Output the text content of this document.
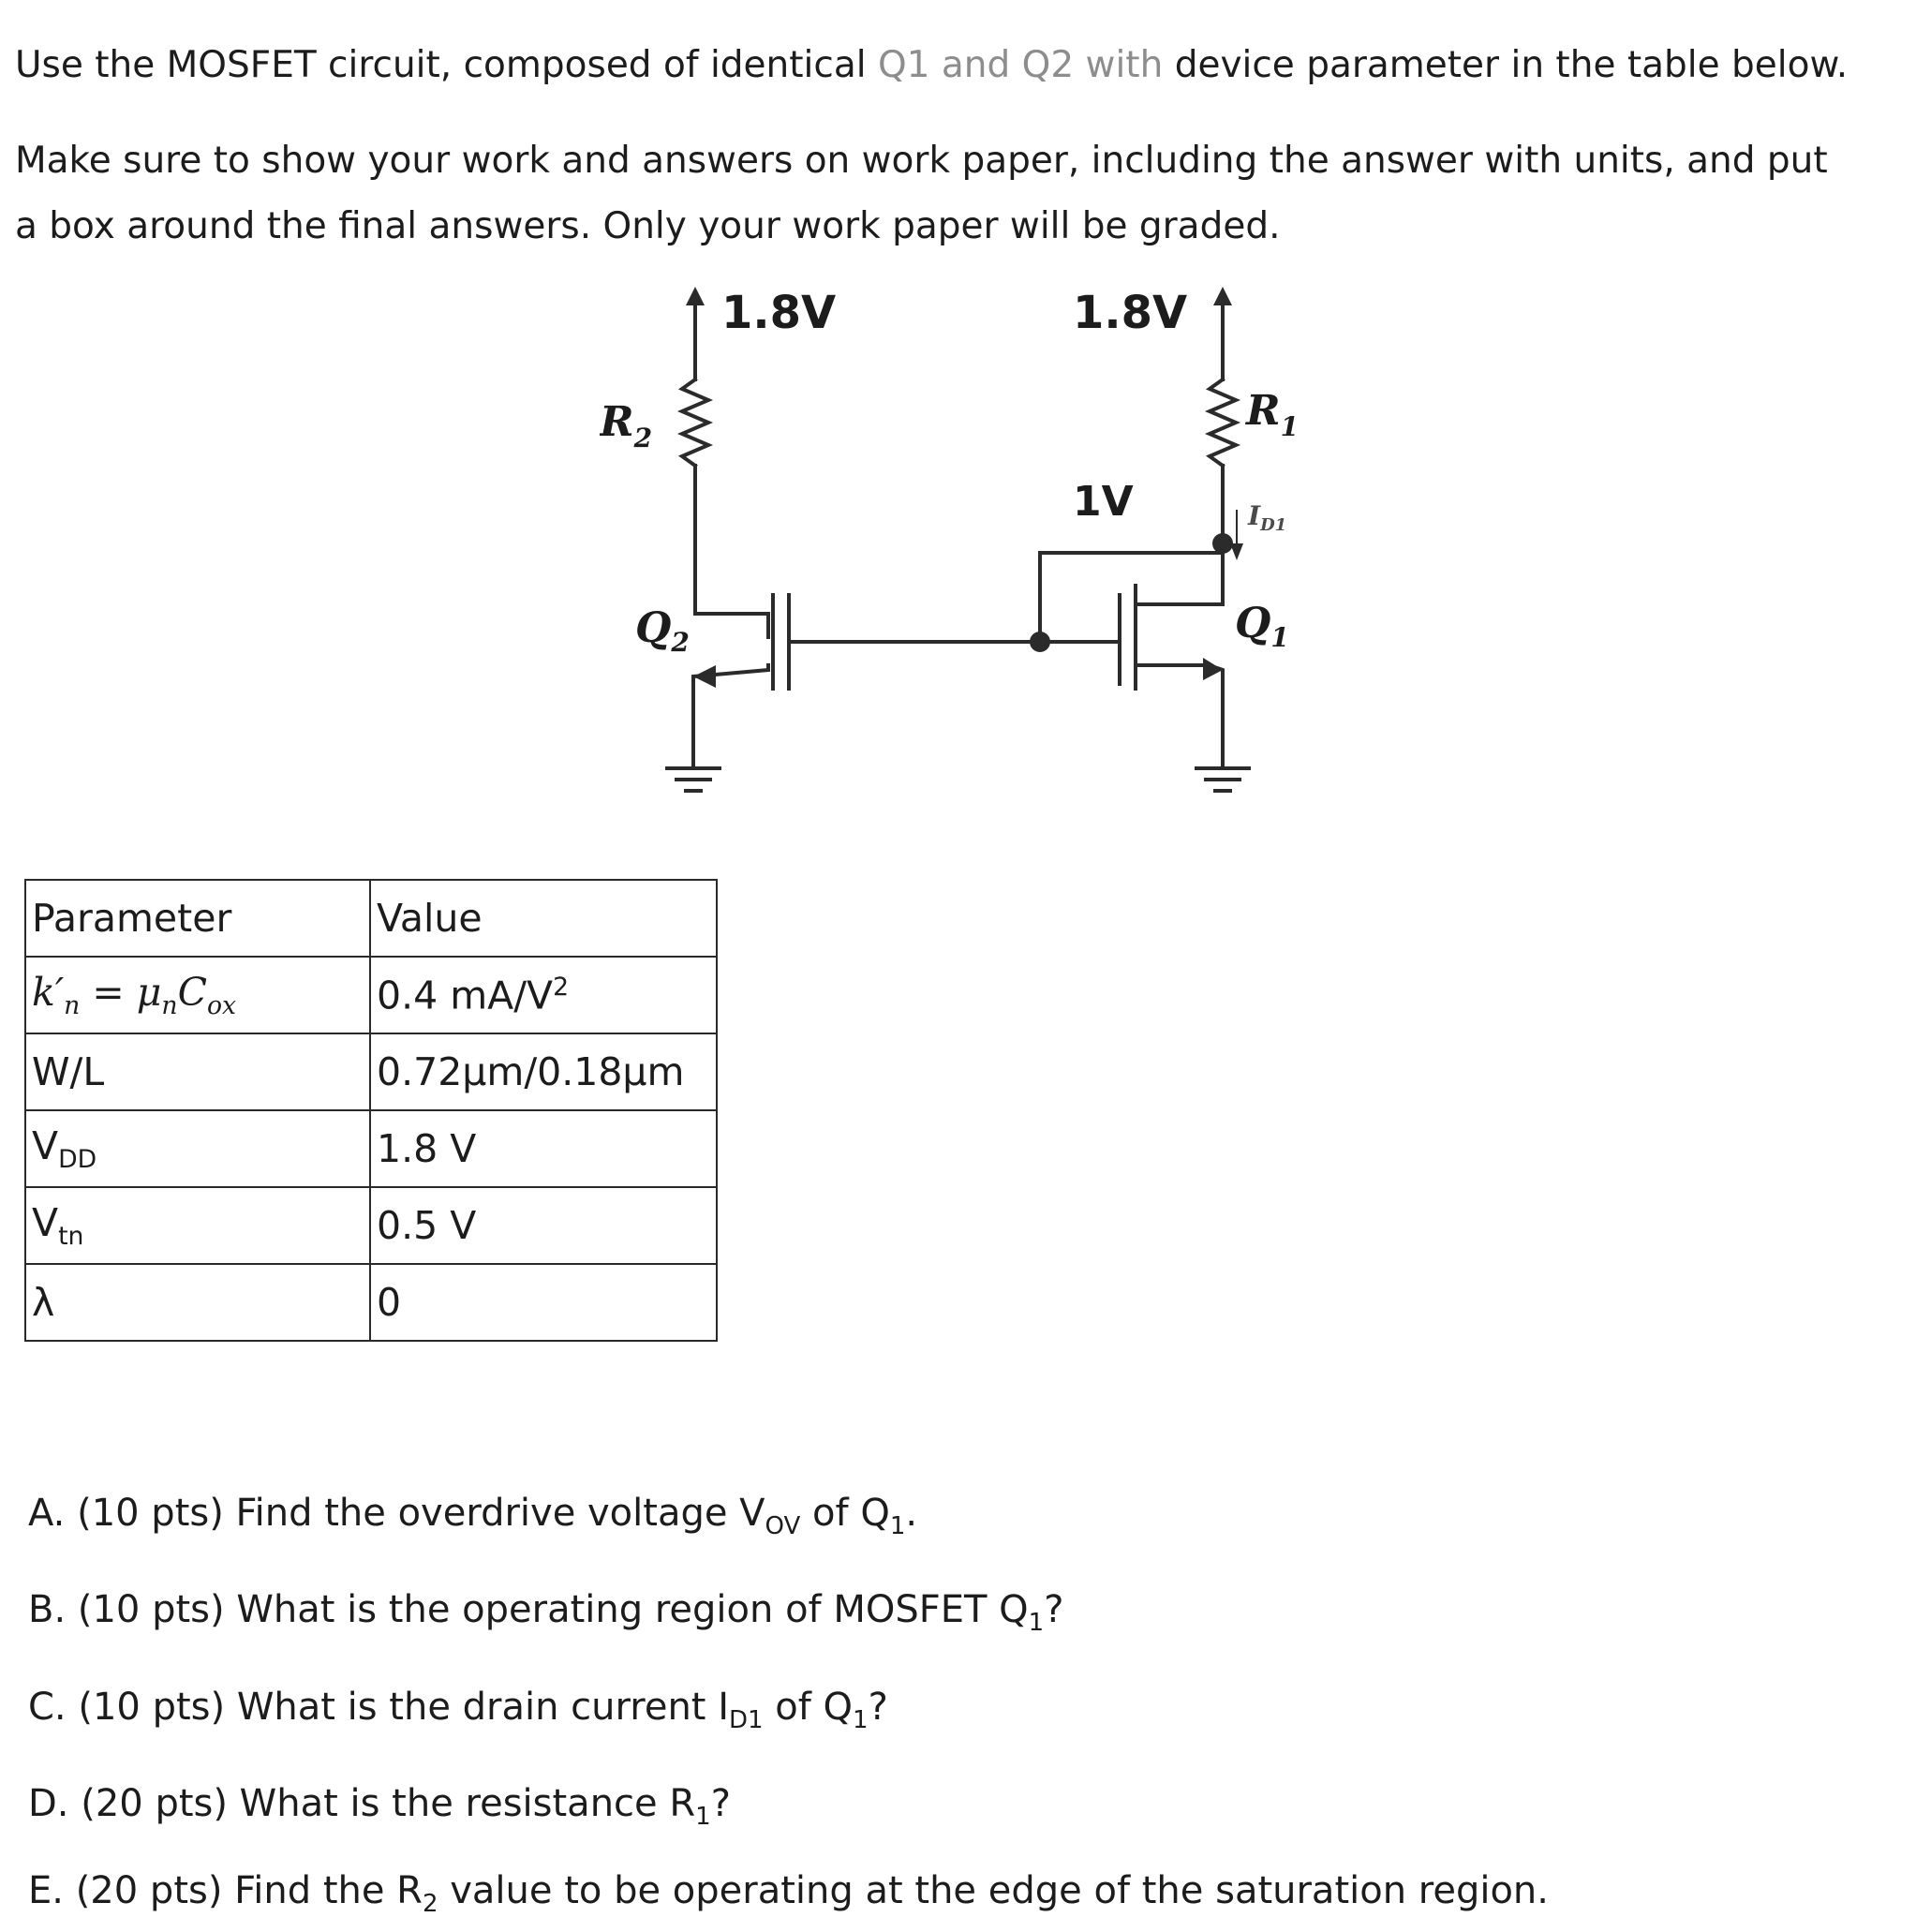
Use the MOSFET circuit, composed of identical Q1 and Q2 with device parameter in the table below.
Make sure to show your work and answers on work paper, including the answer with units, and put
a box around the final answers. Only your work paper will be graded.
1.8V	1.8V
1V
$R_2$
$R_1$
$Q_2$	$Q_1$
$I_{D1}$
Parameter	Value
$k'_n = \mu_nC_{ox}$	0.4 $mA/V^2$
W/L	0.72μm/0.18μm
$V_{DD}$	1.8 V
$V_{tn}$	0.5 V
λ	0
A. (10 pts) Find the overdrive voltage $V_{OV}$ of $Q_1$.
B. (10 pts) What is the operating region of MOSFET $Q_1$?
C. (10 pts) What is the drain current $I_{D1}$ of $Q_1$?
D. (20 pts) What is the resistance $R_1$?
E. (20 pts) Find the $R_2$ value to be operating at the edge of the saturation region.
